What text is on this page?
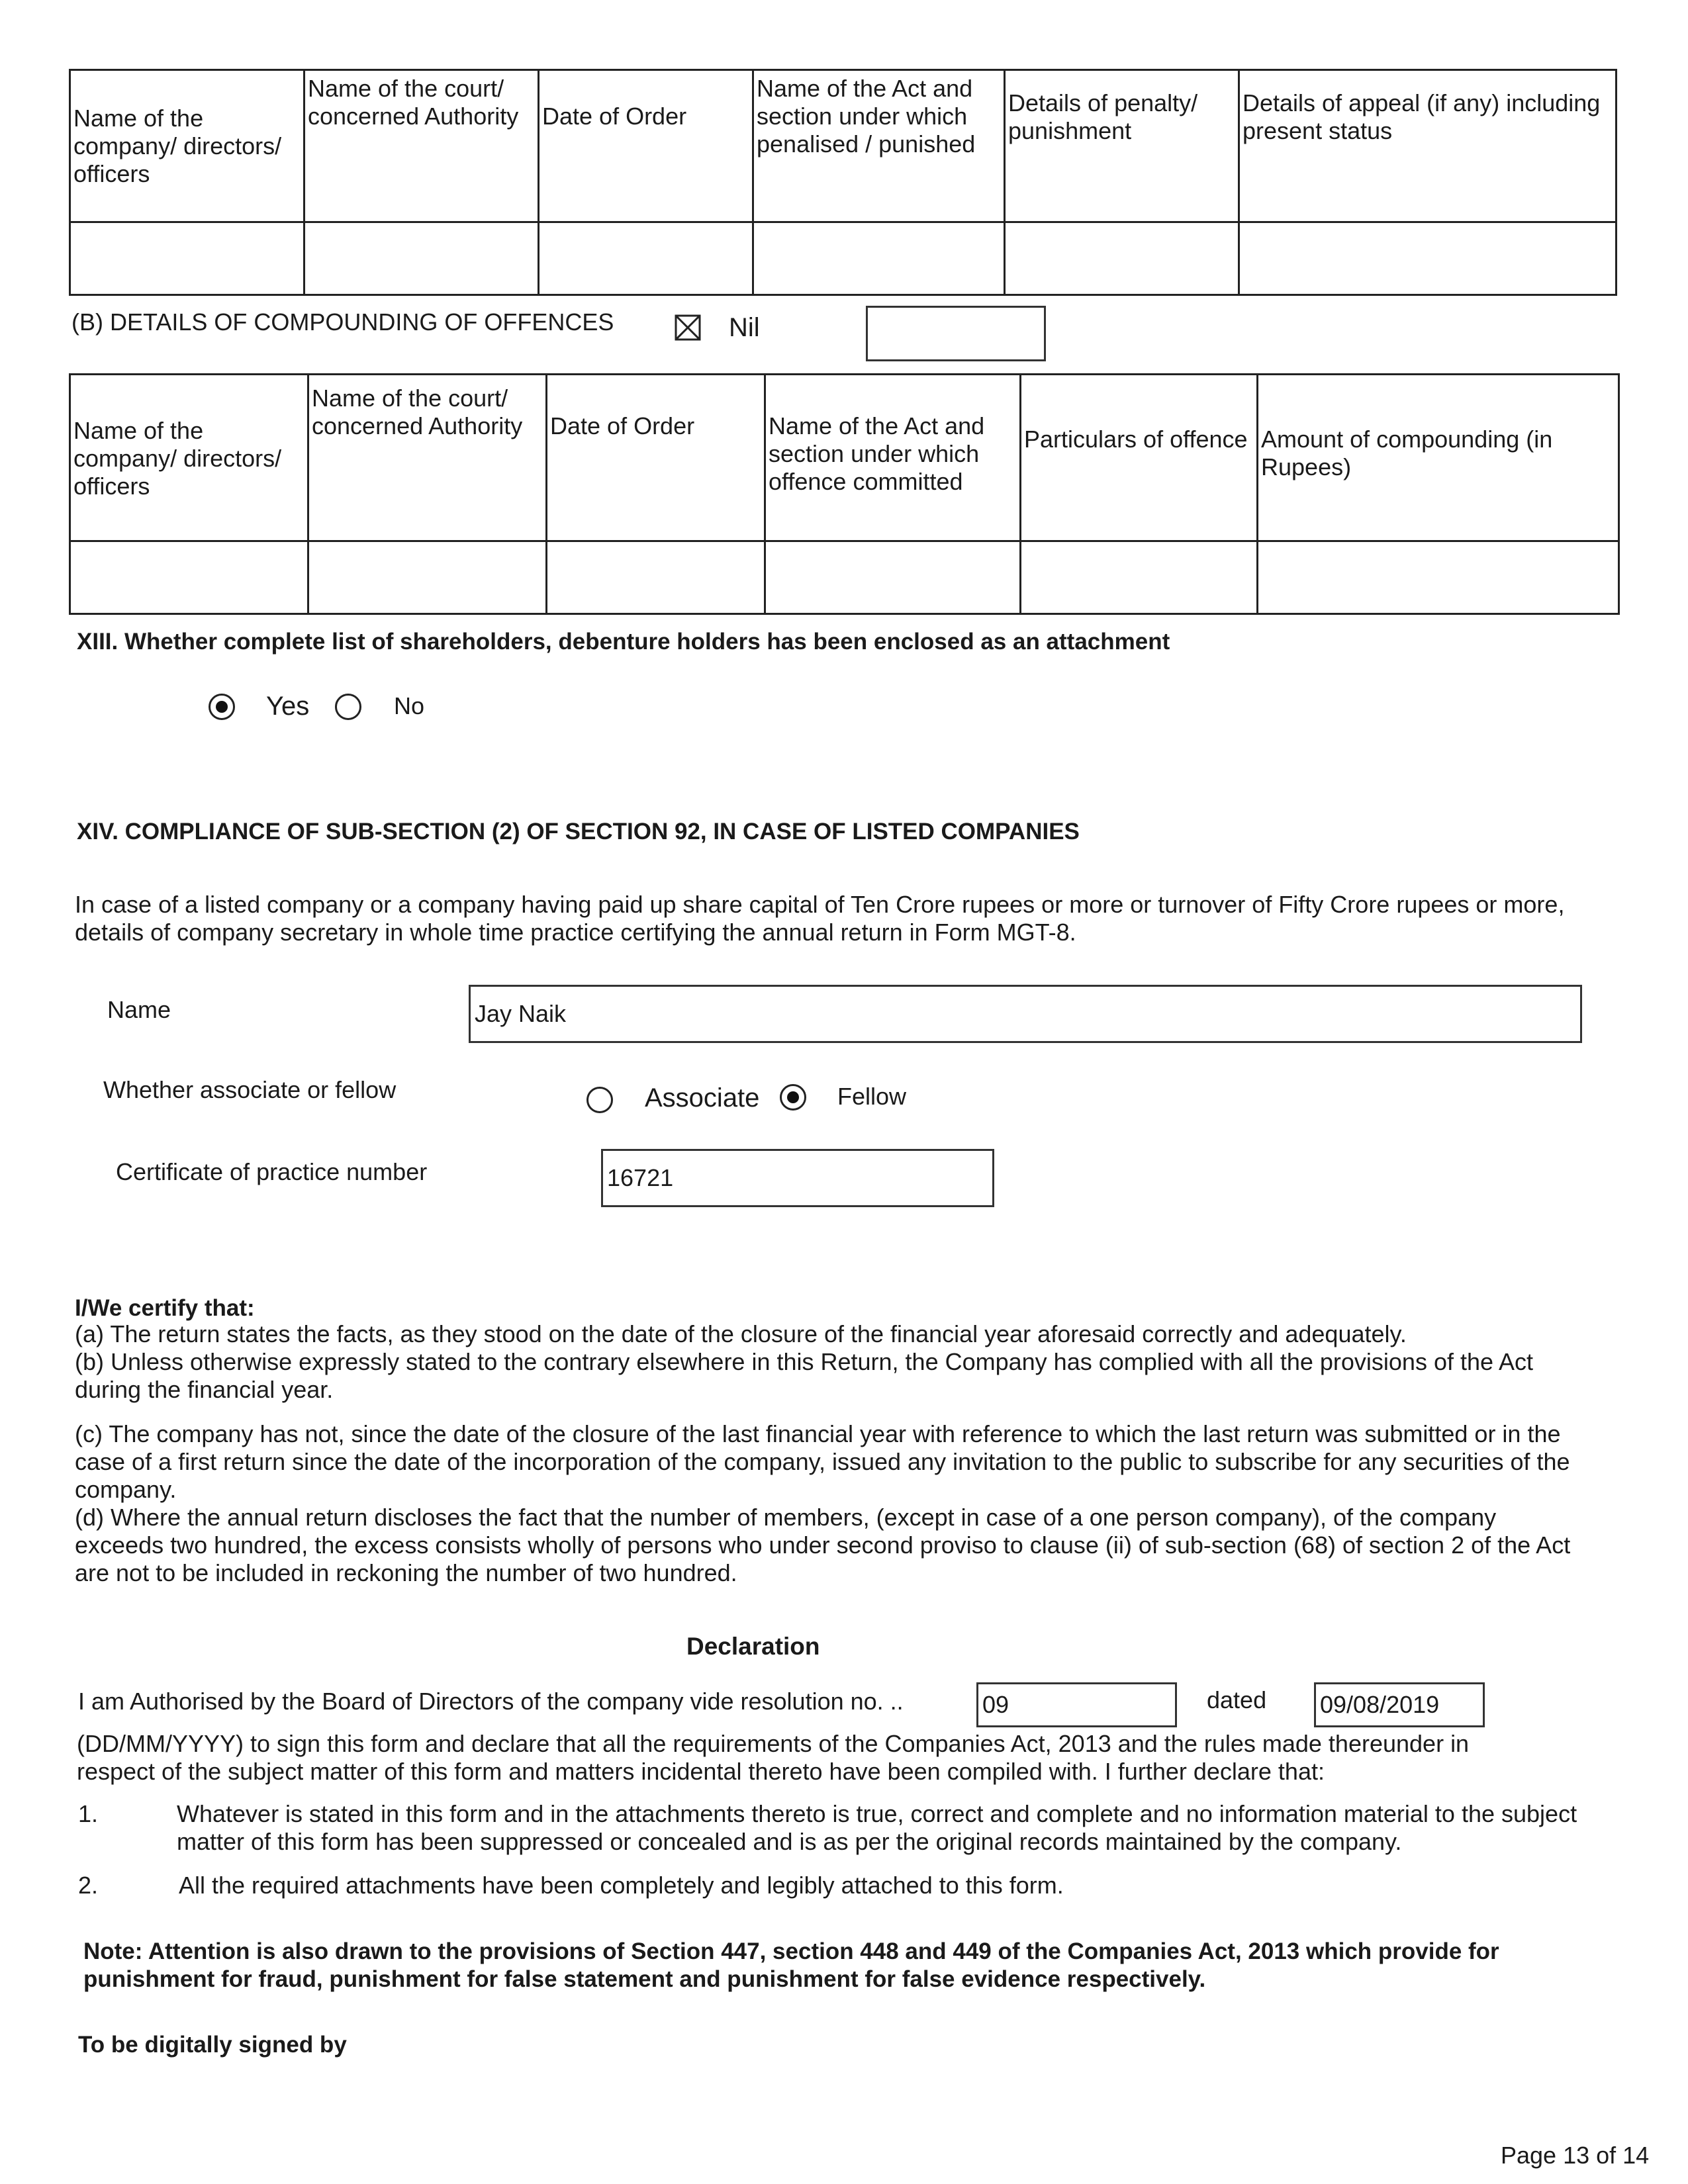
Name of the company/ directors/ officers	Name of the court/ concerned Authority	Date of Order	Name of the Act and section under which penalised / punished	Details of penalty/ punishment	Details of appeal (if any) including present status

(B) DETAILS OF COMPOUNDING OF OFFENCES	Nil
Name of the company/ directors/ officers	Name of the court/ concerned Authority	Date of Order	Name of the Act and section under which offence committed	Particulars of offence	Amount of compounding (in Rupees)

XIII. Whether complete list of shareholders, debenture holders has been enclosed as an attachment
Yes	No
XIV. COMPLIANCE OF SUB-SECTION (2) OF SECTION 92, IN CASE OF LISTED COMPANIES
In case of a listed company or a company having paid up share capital of Ten Crore rupees or more or turnover of Fifty Crore rupees or more, details of company secretary in whole time practice certifying the annual return in Form MGT-8.
Name	Jay Naik
Whether associate or fellow	Associate	Fellow
Certificate of practice number	16721
I/We certify that:
(a) The return states the facts, as they stood on the date of the closure of the financial year aforesaid correctly and adequately.
(b) Unless otherwise expressly stated to the contrary elsewhere in this Return, the Company has complied with all the provisions of the Act during the financial year.
(c) The company has not, since the date of the closure of the last financial year with reference to which the last return was submitted or in the case of a first return since the date of the incorporation of the company, issued any invitation to the public to subscribe for any securities of the company.
(d) Where the annual return discloses the fact that the number of members, (except in case of a one person company), of the company exceeds two hundred, the excess consists wholly of persons who under second proviso to clause (ii) of sub-section (68) of section 2 of the Act are not to be included in reckoning the number of two hundred.
Declaration
I am Authorised by the Board of Directors of the company vide resolution no. ..	09	dated 09/08/2019
(DD/MM/YYYY) to sign this form and declare that all the requirements of the Companies Act, 2013 and the rules made thereunder in respect of the subject matter of this form and matters incidental thereto have been compiled with. I further declare that:
1.	Whatever is stated in this form and in the attachments thereto is true, correct and complete and no information material to the subject matter of this form has been suppressed or concealed and is as per the original records maintained by the company.
2.	All the required attachments have been completely and legibly attached to this form.
Note: Attention is also drawn to the provisions of Section 447, section 448 and 449 of the Companies Act, 2013 which provide for punishment for fraud, punishment for false statement and punishment for false evidence respectively.
To be digitally signed by
Page 13 of 14
